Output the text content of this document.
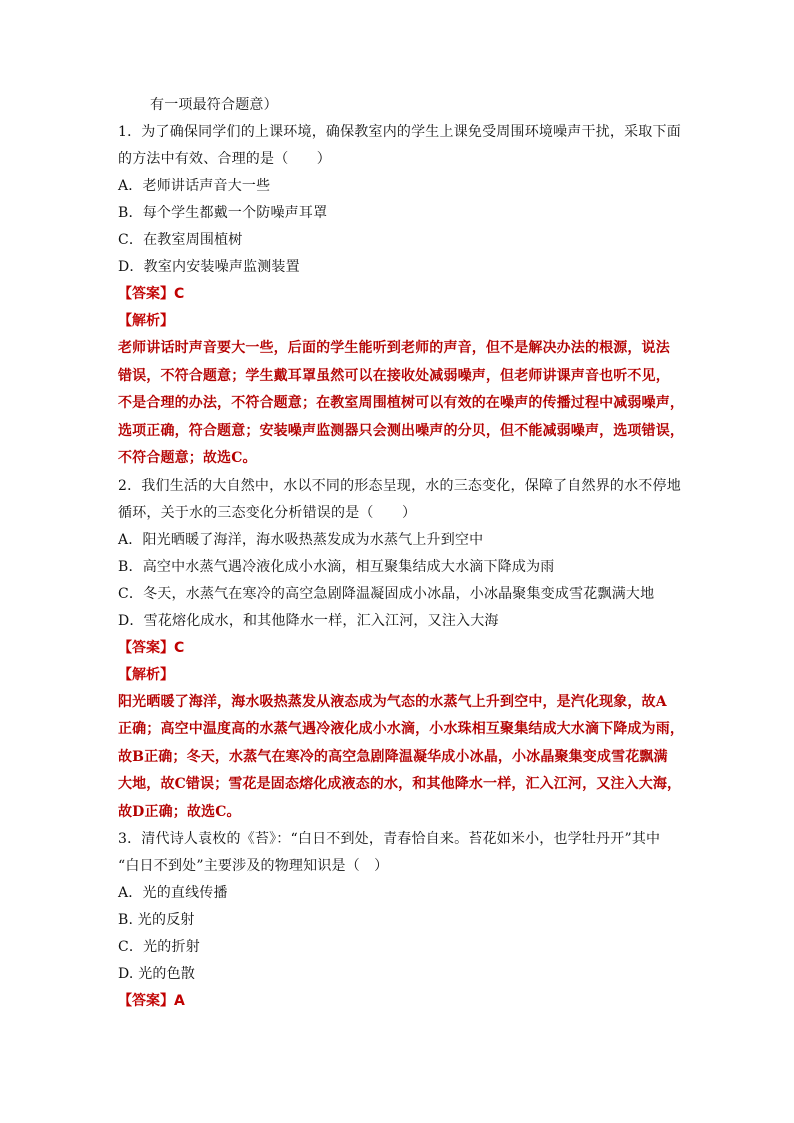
有一项最符合题意）
1．为了确保同学们的上课环境，确保教室内的学生上课免受周围环境噪声干扰，采取下面
的方法中有效、合理的是（　　）
A．老师讲话声音大一些
B．每个学生都戴一个防噪声耳罩
C．在教室周围植树
D．教室内安装噪声监测装置
【答案】C
【解析】
老师讲话时声音要大一些，后面的学生能听到老师的声音，但不是解决办法的根源，说法
错误，不符合题意；学生戴耳罩虽然可以在接收处减弱噪声，但老师讲课声音也听不见，
不是合理的办法，不符合题意；在教室周围植树可以有效的在噪声的传播过程中减弱噪声，
选项正确，符合题意；安装噪声监测器只会测出噪声的分贝，但不能减弱噪声，选项错误，
不符合题意；故选C。
2．我们生活的大自然中，水以不同的形态呈现，水的三态变化，保障了自然界的水不停地
循环，关于水的三态变化分析错误的是（　　）
A．阳光晒暖了海洋，海水吸热蒸发成为水蒸气上升到空中
B．高空中水蒸气遇冷液化成小水滴，相互聚集结成大水滴下降成为雨
C．冬天，水蒸气在寒冷的高空急剧降温凝固成小冰晶，小冰晶聚集变成雪花飘满大地
D．雪花熔化成水，和其他降水一样，汇入江河，又注入大海
【答案】C
【解析】
阳光晒暖了海洋，海水吸热蒸发从液态成为气态的水蒸气上升到空中，是汽化现象，故A
正确；高空中温度高的水蒸气遇冷液化成小水滴，小水珠相互聚集结成大水滴下降成为雨，
故B正确；冬天，水蒸气在寒冷的高空急剧降温凝华成小冰晶，小冰晶聚集变成雪花飘满
大地，故C错误；雪花是固态熔化成液态的水，和其他降水一样，汇入江河，又注入大海，
故D正确；故选C。
3．清代诗人袁枚的《苔》：“白日不到处，青春恰自来。苔花如米小，也学牡丹开”其中
“白日不到处”主要涉及的物理知识是（　）
A．光的直线传播
B. 光的反射
C．光的折射
D. 光的色散
【答案】A
